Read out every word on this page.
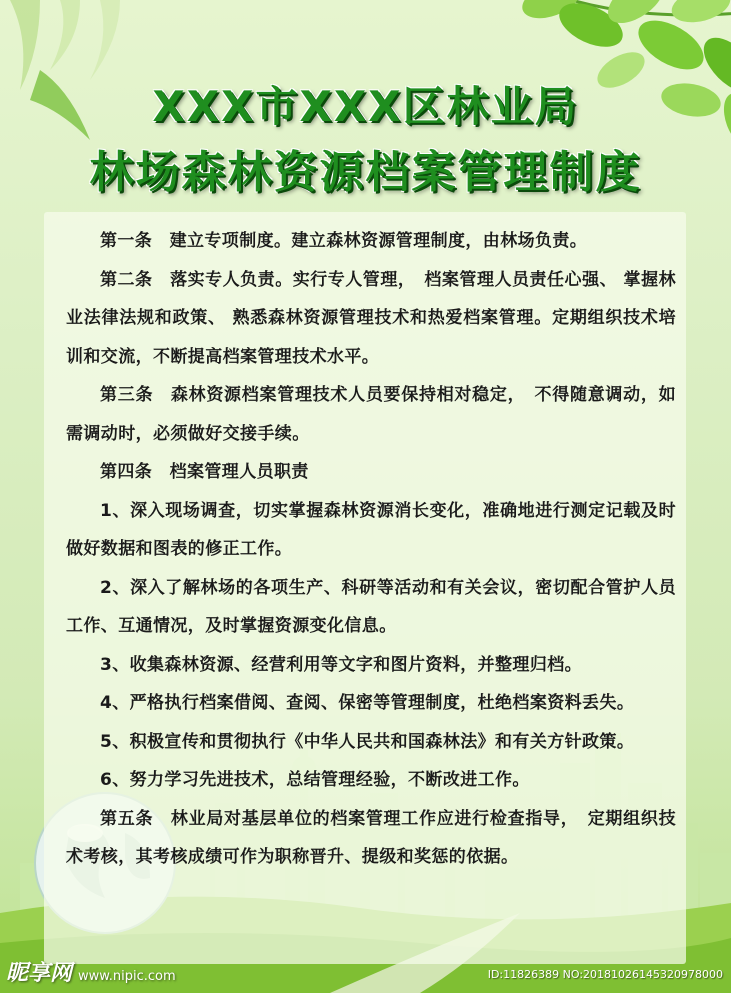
XXX市XXX区林业局
林场森林资源档案管理制度

第一条　建立专项制度。建立森林资源管理制度，由林场负责。

第二条　落实专人负责。实行专人管理，　档案管理人员责任心强、 掌握林业法律法规和政策、 熟悉森林资源管理技术和热爱档案管理。定期组织技术培训和交流，不断提高档案管理技术水平。

第三条　森林资源档案管理技术人员要保持相对稳定，　不得随意调动，如需调动时，必须做好交接手续。

第四条　档案管理人员职责

1、深入现场调查，切实掌握森林资源消长变化，准确地进行测定记载及时做好数据和图表的修正工作。

2、深入了解林场的各项生产、科研等活动和有关会议，密切配合管护人员工作、互通情况，及时掌握资源变化信息。

3、收集森林资源、经营利用等文字和图片资料，并整理归档。

4、严格执行档案借阅、查阅、保密等管理制度，杜绝档案资料丢失。

5、积极宣传和贯彻执行《中华人民共和国森林法》和有关方针政策。

6、努力学习先进技术，总结管理经验，不断改进工作。

第五条　林业局对基层单位的档案管理工作应进行检查指导，　定期组织技术考核，其考核成绩可作为职称晋升、提级和奖惩的依据。

昵享网 www.nipic.com	ID:11826389 NO:20181026145320978000
